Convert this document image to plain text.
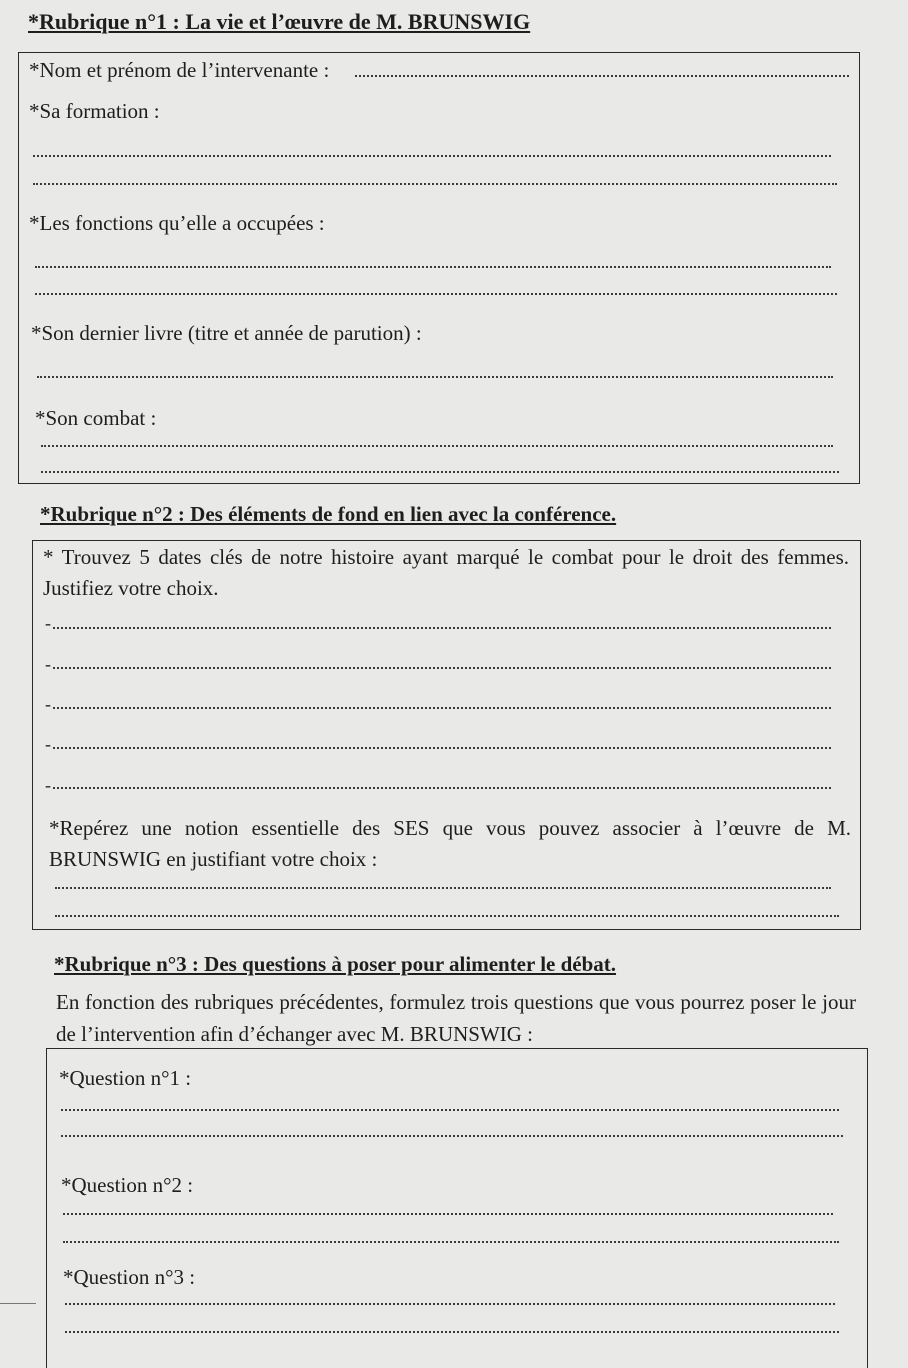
*Rubrique n°1 : La vie et l’œuvre de M. BRUNSWIG
*Nom et prénom de l’intervenante :
*Sa formation :
*Les fonctions qu’elle a occupées :
*Son dernier livre (titre et année de parution) :
*Son combat :
*Rubrique n°2 : Des éléments de fond en lien avec la conférence.
* Trouvez 5 dates clés de notre histoire ayant marqué le combat pour le droit des femmes. Justifiez votre choix.
-
-
-
-
-
*Repérez une notion essentielle des SES que vous pouvez associer à l’œuvre de M. BRUNSWIG en justifiant votre choix :
*Rubrique n°3 : Des questions à poser pour alimenter le débat.
En fonction des rubriques précédentes, formulez trois questions que vous pourrez poser le jour de l’intervention afin d’échanger avec M. BRUNSWIG :
*Question n°1 :
*Question n°2 :
*Question n°3 :
